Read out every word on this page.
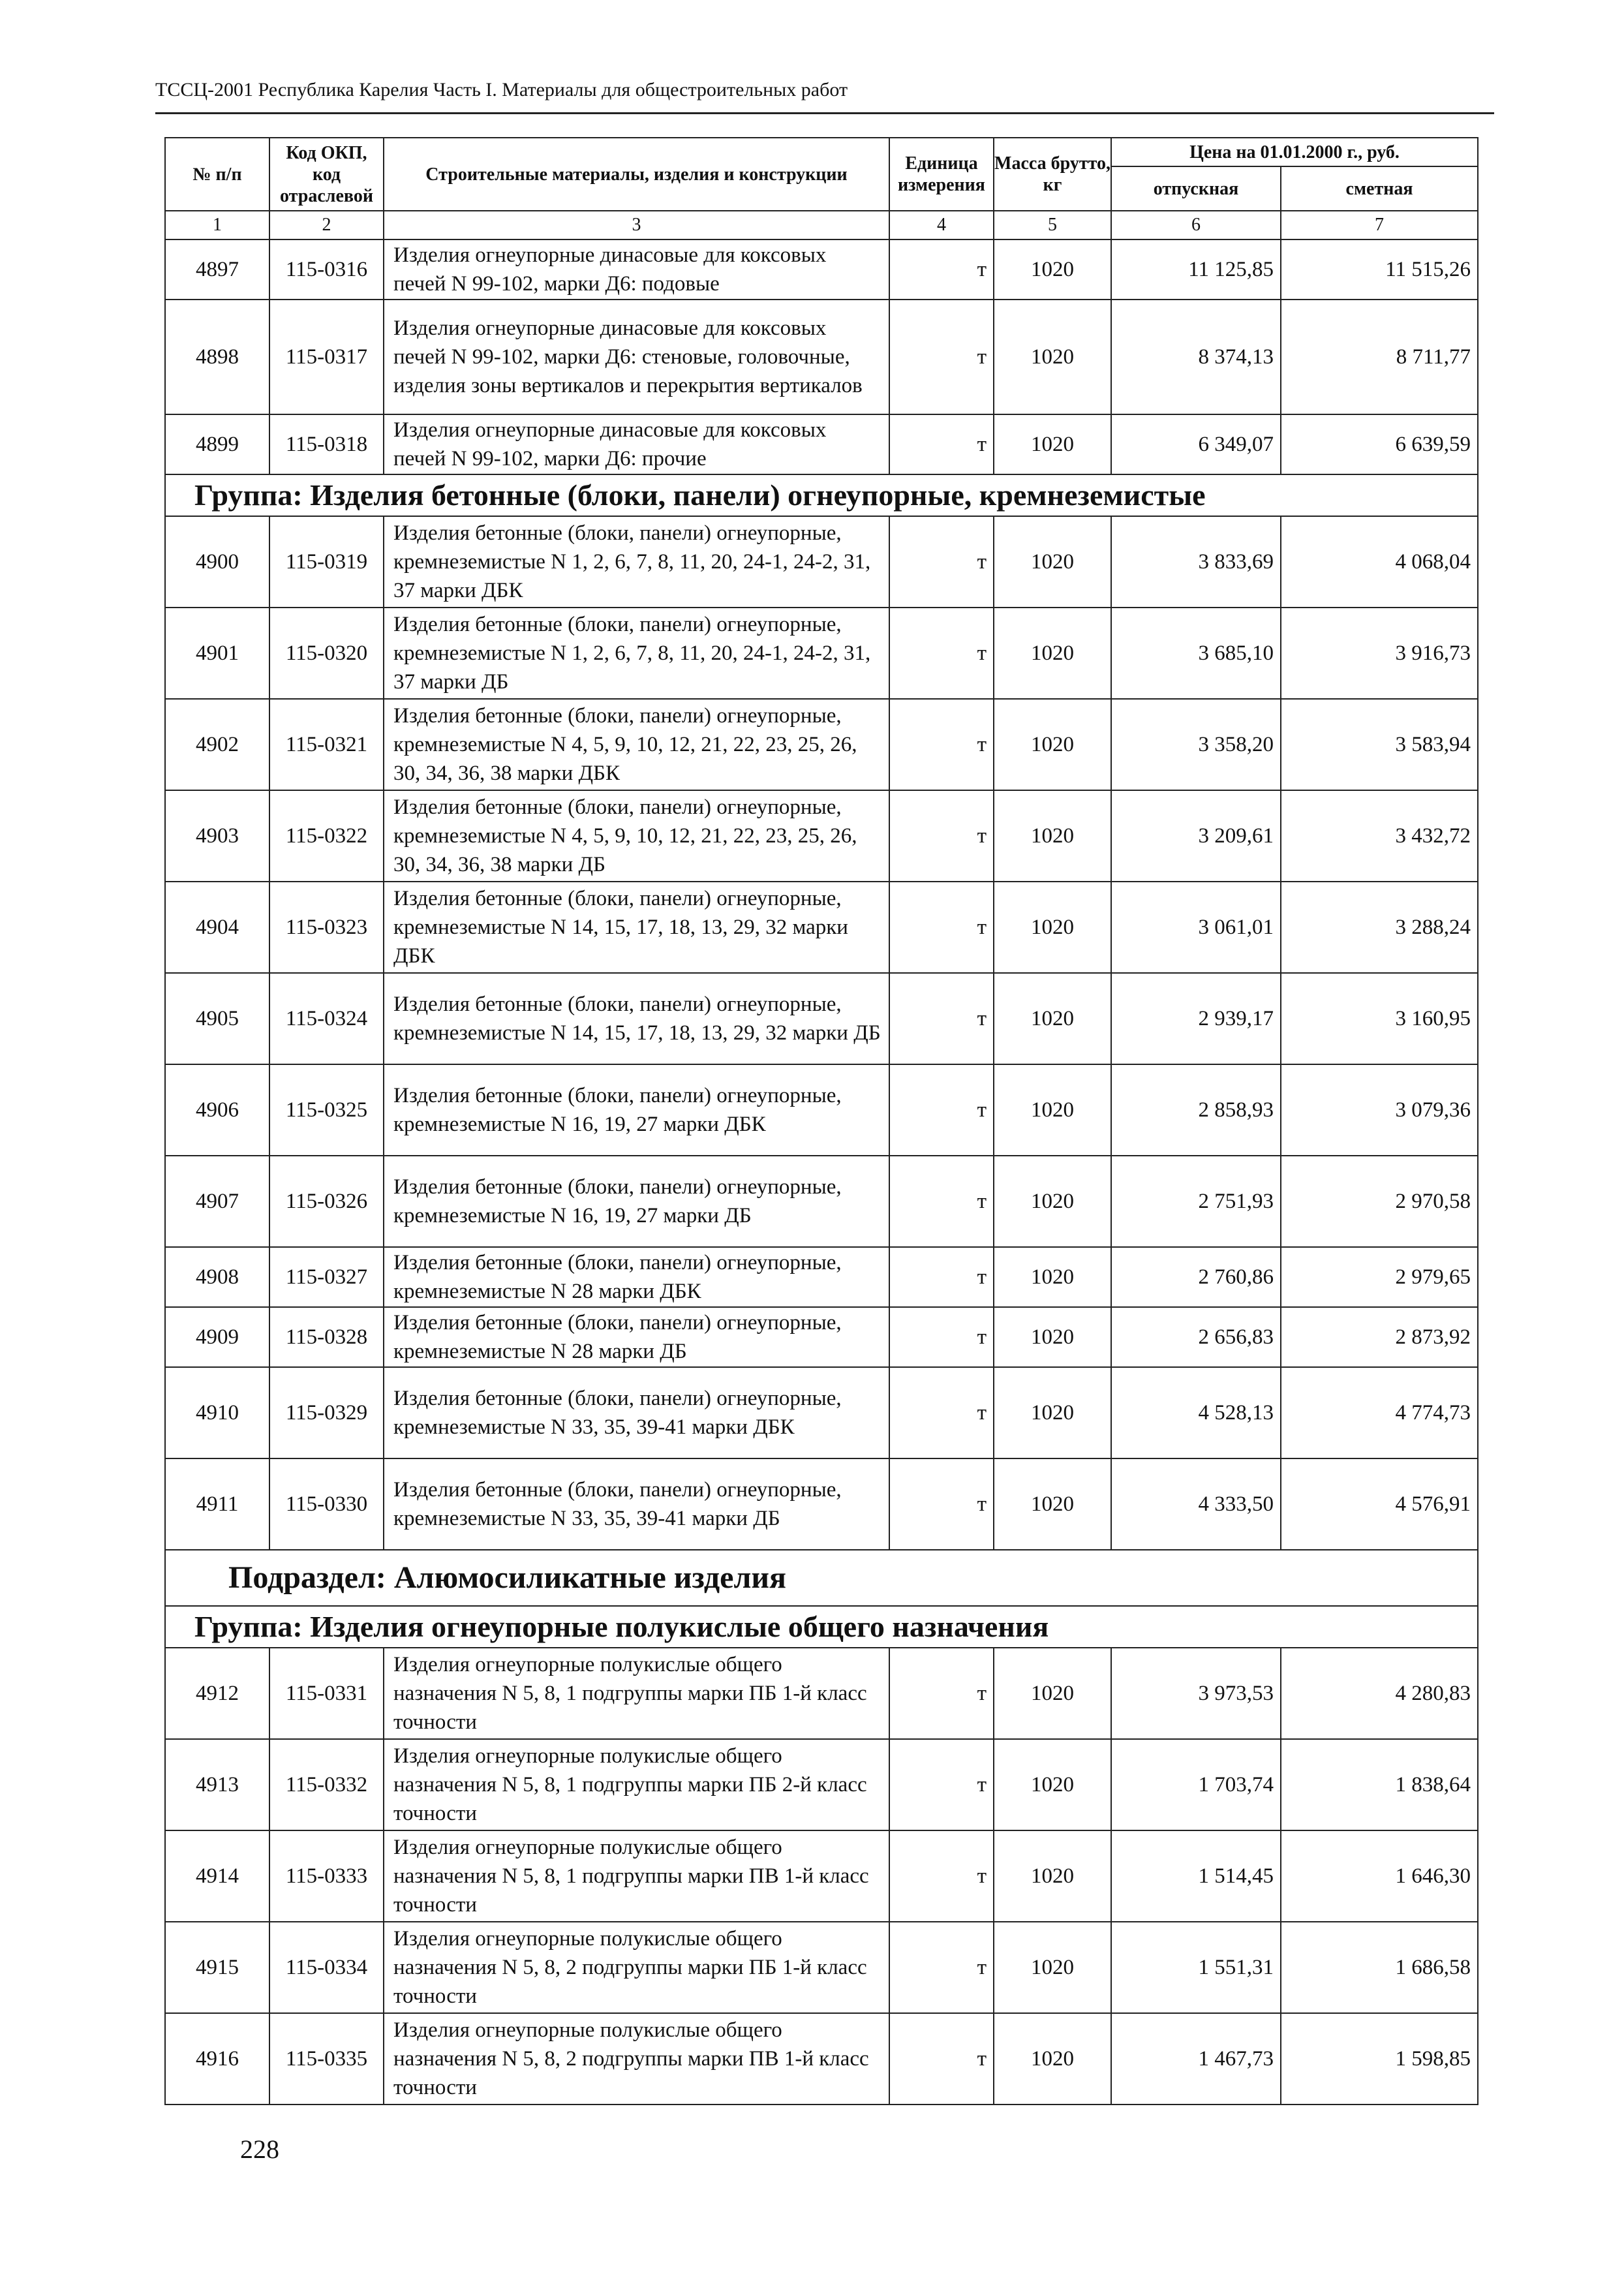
ТССЦ-2001 Республика Карелия Часть I. Материалы для общестроительных работ
№ п/п	Код ОКП, код отраслевой	Строительные материалы, изделия и конструкции	Единица измерения	Масса брутто, кг	Цена на 01.01.2000 г., руб.	
					отпускная	сметная
1	2	3	4	5	6	7
4897	115-0316	Изделия огнеупорные динасовые для коксовых печей N 99-102, марки Д6: подовые	т	1020	11 125,85	11 515,26
4898	115-0317	Изделия огнеупорные динасовые для коксовых печей N 99-102, марки Д6: стеновые, головочные, изделия зоны вертикалов и перекрытия вертикалов	т	1020	8 374,13	8 711,77
4899	115-0318	Изделия огнеупорные динасовые для коксовых печей N 99-102, марки Д6: прочие	т	1020	6 349,07	6 639,59
Группа: Изделия бетонные (блоки, панели) огнеупорные, кремнеземистые						
4900	115-0319	Изделия бетонные (блоки, панели) огнеупорные, кремнеземистые N 1, 2, 6, 7, 8, 11, 20, 24-1, 24-2, 31, 37 марки ДБК	т	1020	3 833,69	4 068,04
4901	115-0320	Изделия бетонные (блоки, панели) огнеупорные, кремнеземистые N 1, 2, 6, 7, 8, 11, 20, 24-1, 24-2, 31, 37 марки ДБ	т	1020	3 685,10	3 916,73
4902	115-0321	Изделия бетонные (блоки, панели) огнеупорные, кремнеземистые N 4, 5, 9, 10, 12, 21, 22, 23, 25, 26, 30, 34, 36, 38 марки ДБК	т	1020	3 358,20	3 583,94
4903	115-0322	Изделия бетонные (блоки, панели) огнеупорные, кремнеземистые N 4, 5, 9, 10, 12, 21, 22, 23, 25, 26, 30, 34, 36, 38 марки ДБ	т	1020	3 209,61	3 432,72
4904	115-0323	Изделия бетонные (блоки, панели) огнеупорные, кремнеземистые N 14, 15, 17, 18, 13, 29, 32 марки ДБК	т	1020	3 061,01	3 288,24
4905	115-0324	Изделия бетонные (блоки, панели) огнеупорные, кремнеземистые N 14, 15, 17, 18, 13, 29, 32 марки ДБ	т	1020	2 939,17	3 160,95
4906	115-0325	Изделия бетонные (блоки, панели) огнеупорные, кремнеземистые N 16, 19, 27 марки ДБК	т	1020	2 858,93	3 079,36
4907	115-0326	Изделия бетонные (блоки, панели) огнеупорные, кремнеземистые N 16, 19, 27 марки ДБ	т	1020	2 751,93	2 970,58
4908	115-0327	Изделия бетонные (блоки, панели) огнеупорные, кремнеземистые N 28 марки ДБК	т	1020	2 760,86	2 979,65
4909	115-0328	Изделия бетонные (блоки, панели) огнеупорные, кремнеземистые N 28 марки ДБ	т	1020	2 656,83	2 873,92
4910	115-0329	Изделия бетонные (блоки, панели) огнеупорные, кремнеземистые N 33, 35, 39-41 марки ДБК	т	1020	4 528,13	4 774,73
4911	115-0330	Изделия бетонные (блоки, панели) огнеупорные, кремнеземистые N 33, 35, 39-41 марки ДБ	т	1020	4 333,50	4 576,91
Подраздел: Алюмосиликатные изделия						
Группа: Изделия огнеупорные полукислые общего назначения						
4912	115-0331	Изделия огнеупорные полукислые общего назначения N 5, 8, 1 подгруппы марки ПБ 1-й класс точности	т	1020	3 973,53	4 280,83
4913	115-0332	Изделия огнеупорные полукислые общего назначения N 5, 8, 1 подгруппы марки ПБ 2-й класс точности	т	1020	1 703,74	1 838,64
4914	115-0333	Изделия огнеупорные полукислые общего назначения N 5, 8, 1 подгруппы марки ПВ 1-й класс точности	т	1020	1 514,45	1 646,30
4915	115-0334	Изделия огнеупорные полукислые общего назначения N 5, 8, 2 подгруппы марки ПБ 1-й класс точности	т	1020	1 551,31	1 686,58
4916	115-0335	Изделия огнеупорные полукислые общего назначения N 5, 8, 2 подгруппы марки ПВ 1-й класс точности	т	1020	1 467,73	1 598,85
228
